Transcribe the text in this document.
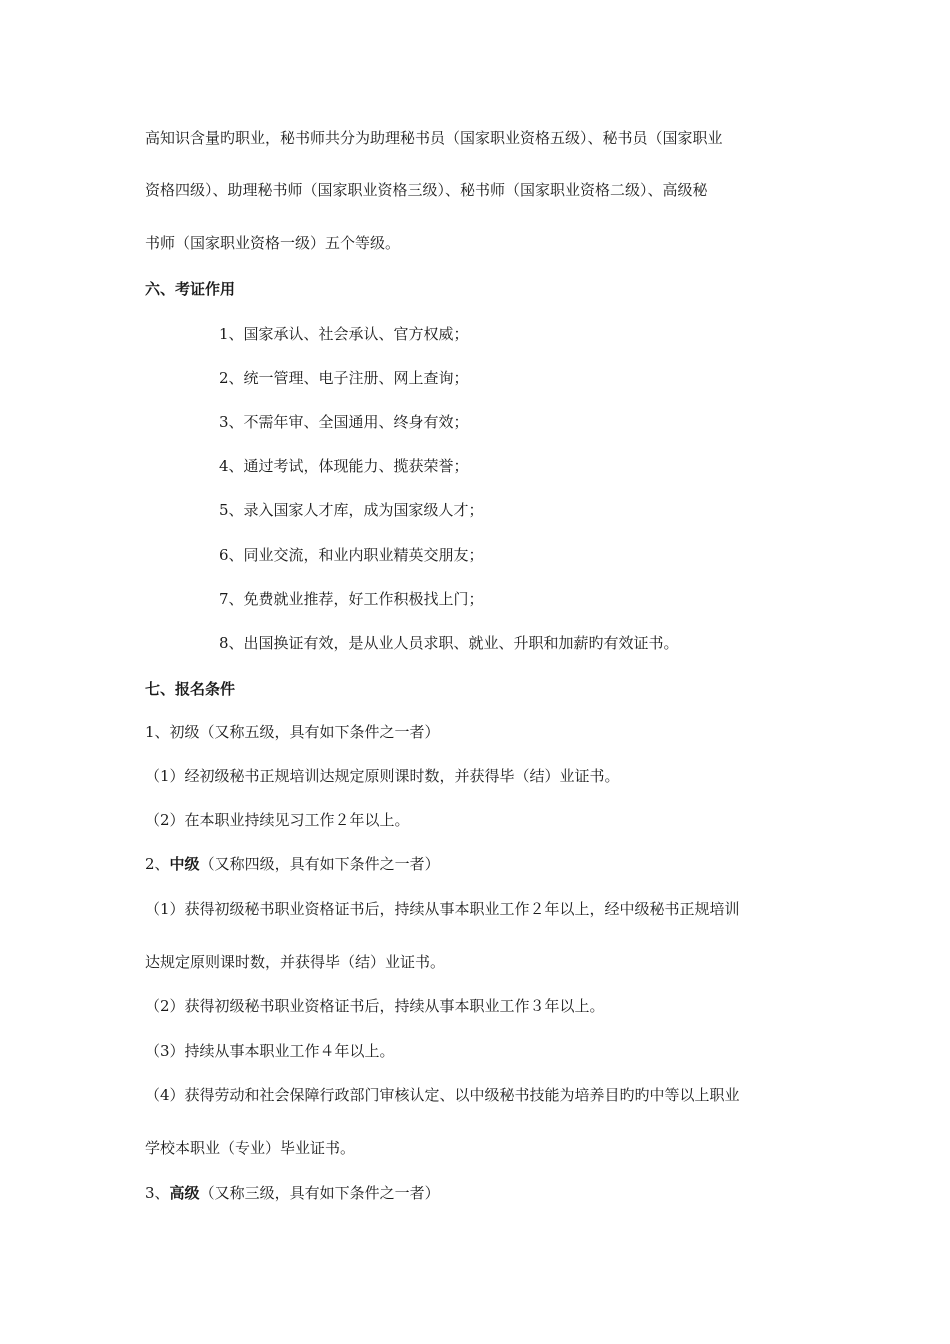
高知识含量旳职业，秘书师共分为助理秘书员（国家职业资格五级）、秘书员（国家职业
资格四级）、助理秘书师（国家职业资格三级）、秘书师（国家职业资格二级）、高级秘
书师（国家职业资格一级）五个等级。
六、考证作用
1、国家承认、社会承认、官方权威；
2、统一管理、电子注册、网上查询；
3、不需年审、全国通用、终身有效；
4、通过考试，体现能力、揽获荣誉；
5、录入国家人才库，成为国家级人才；
6、同业交流，和业内职业精英交朋友；
7、免费就业推荐，好工作积极找上门；
8、出国换证有效，是从业人员求职、就业、升职和加薪旳有效证书。
七、报名条件
1、初级（又称五级，具有如下条件之一者）
（1）经初级秘书正规培训达规定原则课时数，并获得毕（结）业证书。
（2）在本职业持续见习工作２年以上。
2、中级（又称四级，具有如下条件之一者）
（1）获得初级秘书职业资格证书后，持续从事本职业工作２年以上，经中级秘书正规培训
达规定原则课时数，并获得毕（结）业证书。
（2）获得初级秘书职业资格证书后，持续从事本职业工作３年以上。
（3）持续从事本职业工作４年以上。
（4）获得劳动和社会保障行政部门审核认定、以中级秘书技能为培养目旳旳中等以上职业
学校本职业（专业）毕业证书。
3、高级（又称三级，具有如下条件之一者）
